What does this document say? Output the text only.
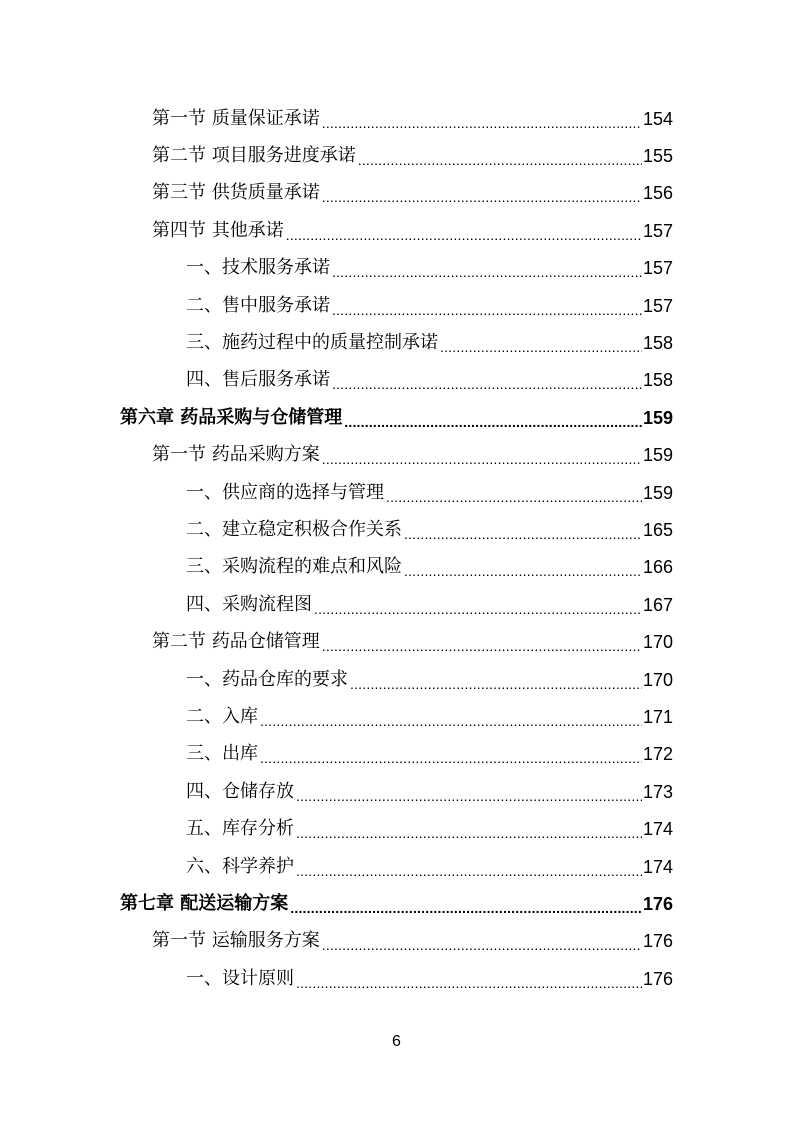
第一节 质量保证承诺 .....	154
第二节 项目服务进度承诺 .....	155
第三节 供货质量承诺 .....	156
第四节 其他承诺 .....	157
一、技术服务承诺 .....	157
二、售中服务承诺 .....	157
三、施药过程中的质量控制承诺 .....	158
四、售后服务承诺 .....	158
第六章 药品采购与仓储管理 .....	159
第一节 药品采购方案 .....	159
一、供应商的选择与管理 .....	159
二、建立稳定积极合作关系 .....	165
三、采购流程的难点和风险 .....	166
四、采购流程图 .....	167
第二节 药品仓储管理 .....	170
一、药品仓库的要求 .....	170
二、入库 .....	171
三、出库 .....	172
四、仓储存放 .....	173
五、库存分析 .....	174
六、科学养护 .....	174
第七章 配送运输方案 .....	176
第一节 运输服务方案 .....	176
一、设计原则 .....	176
6
